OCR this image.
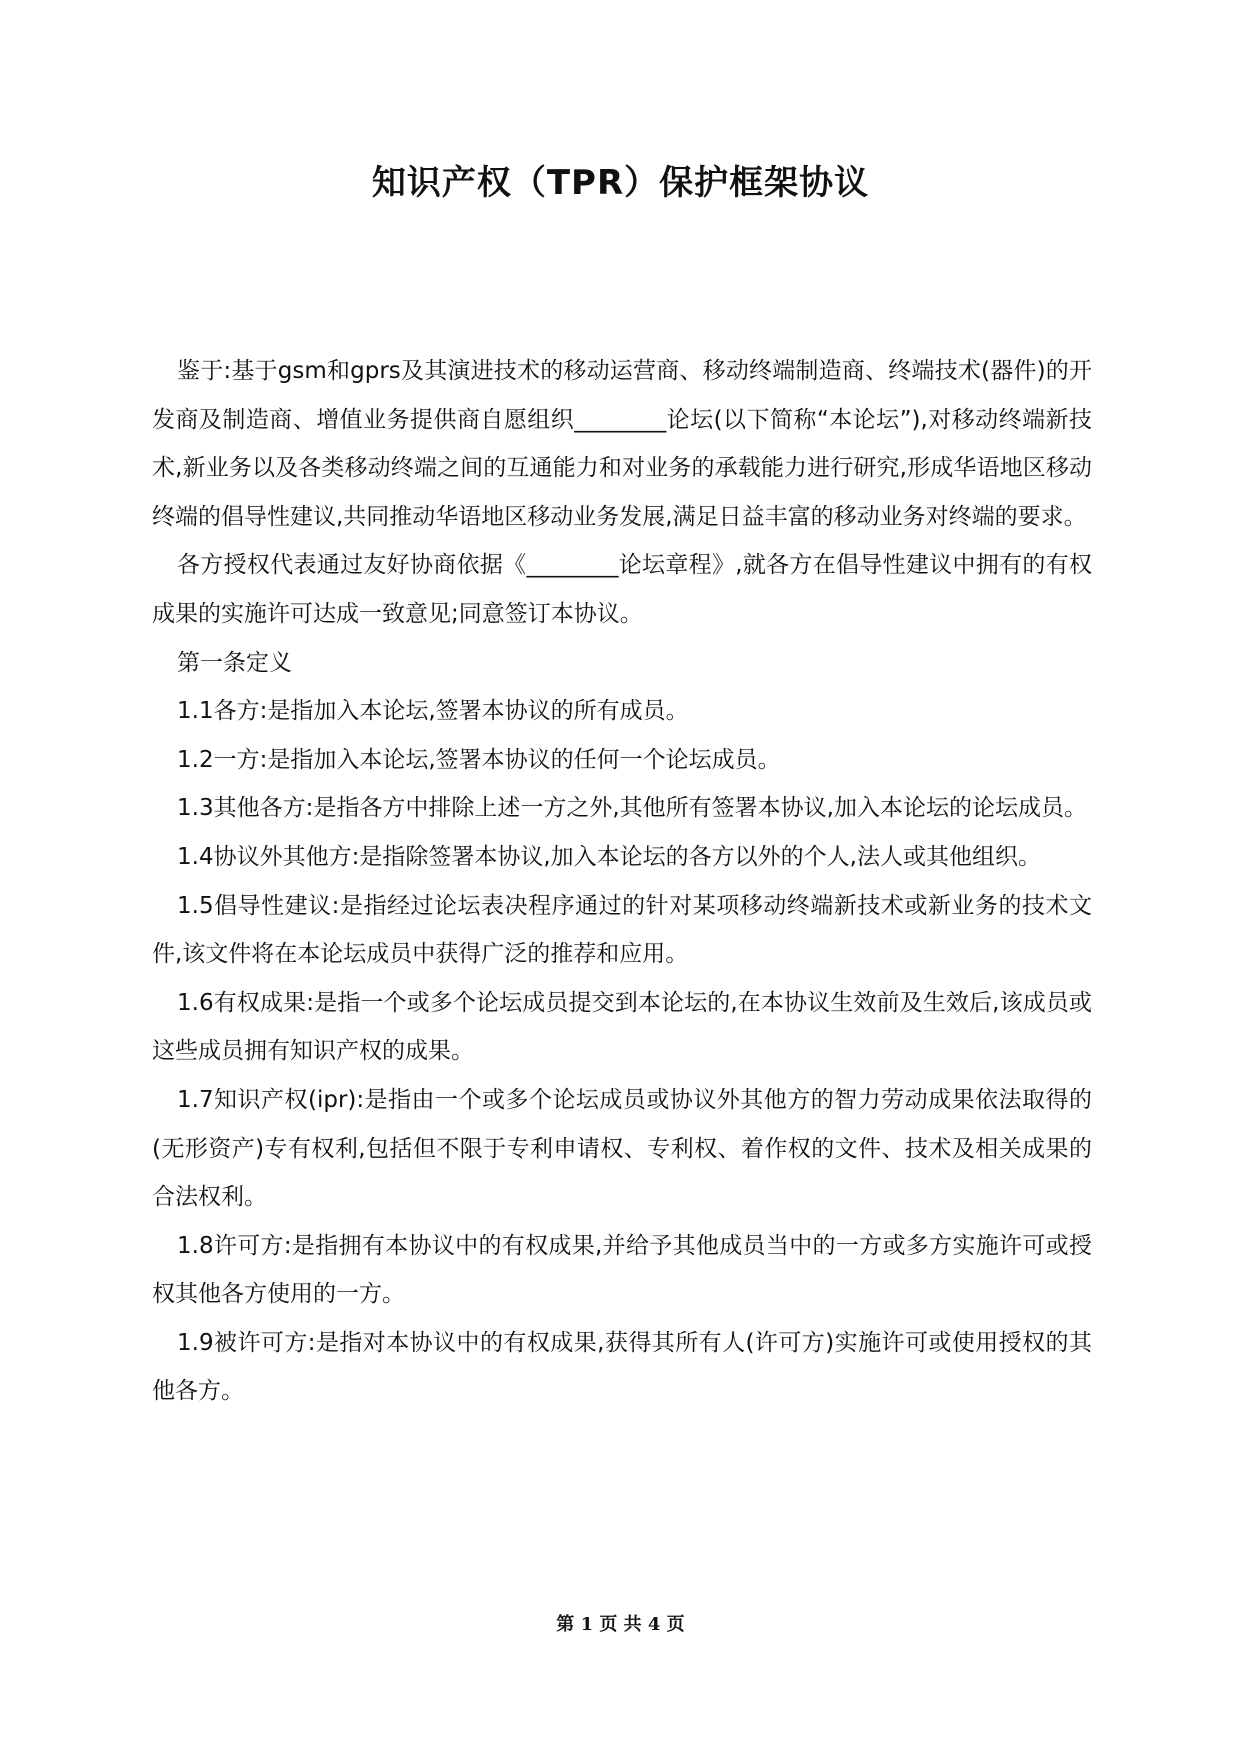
知识产权（TPR）保护框架协议

鉴于:基于gsm和gprs及其演进技术的移动运营商、移动终端制造商、终端技术(器件)的开发商及制造商、增值业务提供商自愿组织________论坛(以下简称“本论坛”),对移动终端新技术,新业务以及各类移动终端之间的互通能力和对业务的承载能力进行研究,形成华语地区移动终端的倡导性建议,共同推动华语地区移动业务发展,满足日益丰富的移动业务对终端的要求。

各方授权代表通过友好协商依据《________论坛章程》,就各方在倡导性建议中拥有的有权成果的实施许可达成一致意见;同意签订本协议。

第一条定义

1.1各方:是指加入本论坛,签署本协议的所有成员。

1.2一方:是指加入本论坛,签署本协议的任何一个论坛成员。

1.3其他各方:是指各方中排除上述一方之外,其他所有签署本协议,加入本论坛的论坛成员。

1.4协议外其他方:是指除签署本协议,加入本论坛的各方以外的个人,法人或其他组织。

1.5倡导性建议:是指经过论坛表决程序通过的针对某项移动终端新技术或新业务的技术文件,该文件将在本论坛成员中获得广泛的推荐和应用。

1.6有权成果:是指一个或多个论坛成员提交到本论坛的,在本协议生效前及生效后,该成员或这些成员拥有知识产权的成果。

1.7知识产权(ipr):是指由一个或多个论坛成员或协议外其他方的智力劳动成果依法取得的(无形资产)专有权利,包括但不限于专利申请权、专利权、着作权的文件、技术及相关成果的合法权利。

1.8许可方:是指拥有本协议中的有权成果,并给予其他成员当中的一方或多方实施许可或授权其他各方使用的一方。

1.9被许可方:是指对本协议中的有权成果,获得其所有人(许可方)实施许可或使用授权的其他各方。

第 1 页 共 4 页
